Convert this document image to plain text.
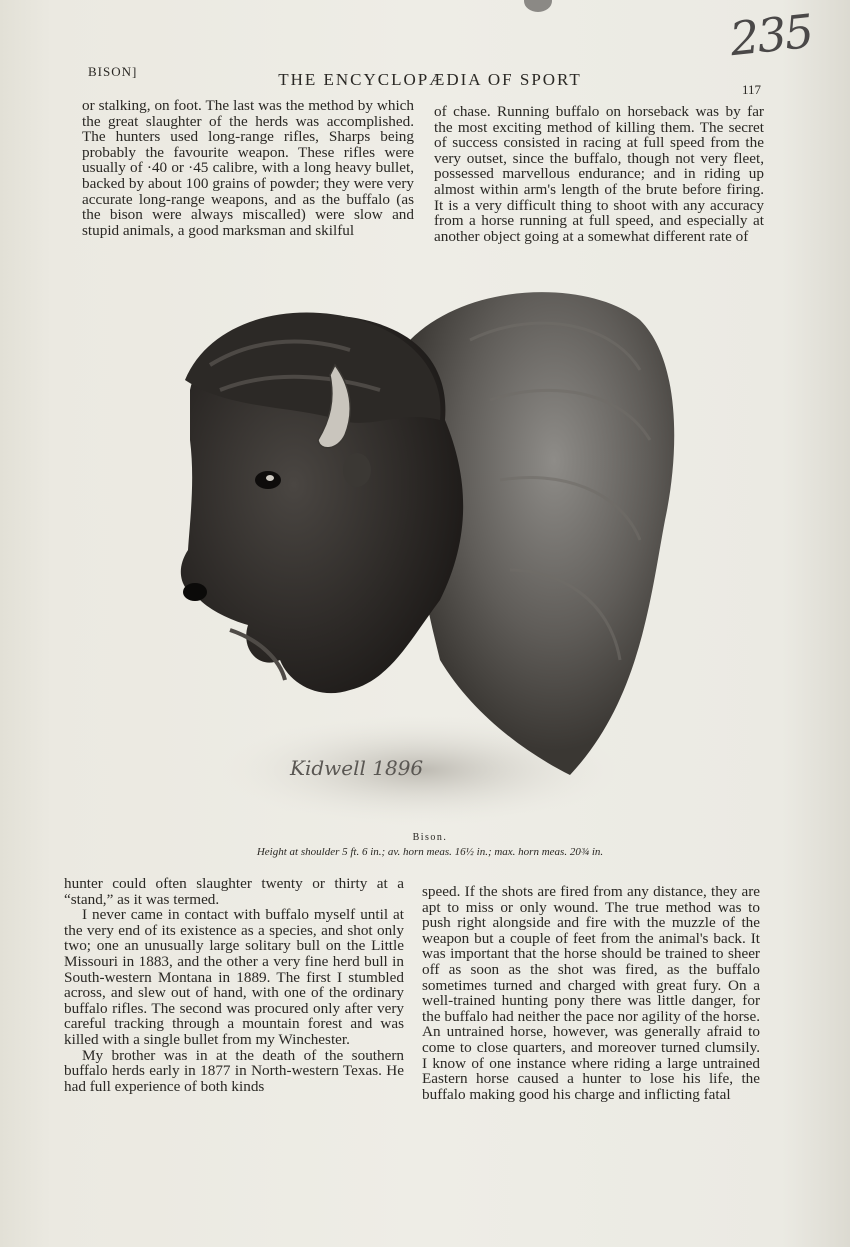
235
BISON]	THE ENCYCLOPÆDIA OF SPORT
117

or stalking, on foot. The last was the method by which the great slaughter of the herds was accomplished. The hunters used long-range rifles, Sharps being probably the favourite weapon. These rifles were usually of ·40 or ·45 calibre, with a long heavy bullet, backed by about 100 grains of powder; they were very accurate long-range weapons, and as the buffalo (as the bison were always miscalled) were slow and stupid animals, a good marksman and skilful

of chase. Running buffalo on horseback was by far the most exciting method of killing them. The secret of success consisted in racing at full speed from the very outset, since the buffalo, though not very fleet, possessed marvellous endurance; and in riding up almost within arm's length of the brute before firing. It is a very difficult thing to shoot with any accuracy from a horse running at full speed, and especially at another object going at a somewhat different rate of

Kidwell 1896
Bison.
Height at shoulder 5 ft. 6 in.; av. horn meas. 16½ in.; max. horn meas. 20¾ in.

hunter could often slaughter twenty or thirty at a “stand,” as it was termed.

I never came in contact with buffalo myself until at the very end of its existence as a species, and shot only two; one an unusually large solitary bull on the Little Missouri in 1883, and the other a very fine herd bull in South-western Montana in 1889. The first I stumbled across, and slew out of hand, with one of the ordinary buffalo rifles. The second was procured only after very careful tracking through a mountain forest and was killed with a single bullet from my Winchester.

My brother was in at the death of the southern buffalo herds early in 1877 in North-western Texas. He had full experience of both kinds

speed. If the shots are fired from any distance, they are apt to miss or only wound. The true method was to push right alongside and fire with the muzzle of the weapon but a couple of feet from the animal's back. It was important that the horse should be trained to sheer off as soon as the shot was fired, as the buffalo sometimes turned and charged with great fury. On a well-trained hunting pony there was little danger, for the buffalo had neither the pace nor agility of the horse. An untrained horse, however, was generally afraid to come to close quarters, and moreover turned clumsily. I know of one instance where riding a large untrained Eastern horse caused a hunter to lose his life, the buffalo making good his charge and inflicting fatal
